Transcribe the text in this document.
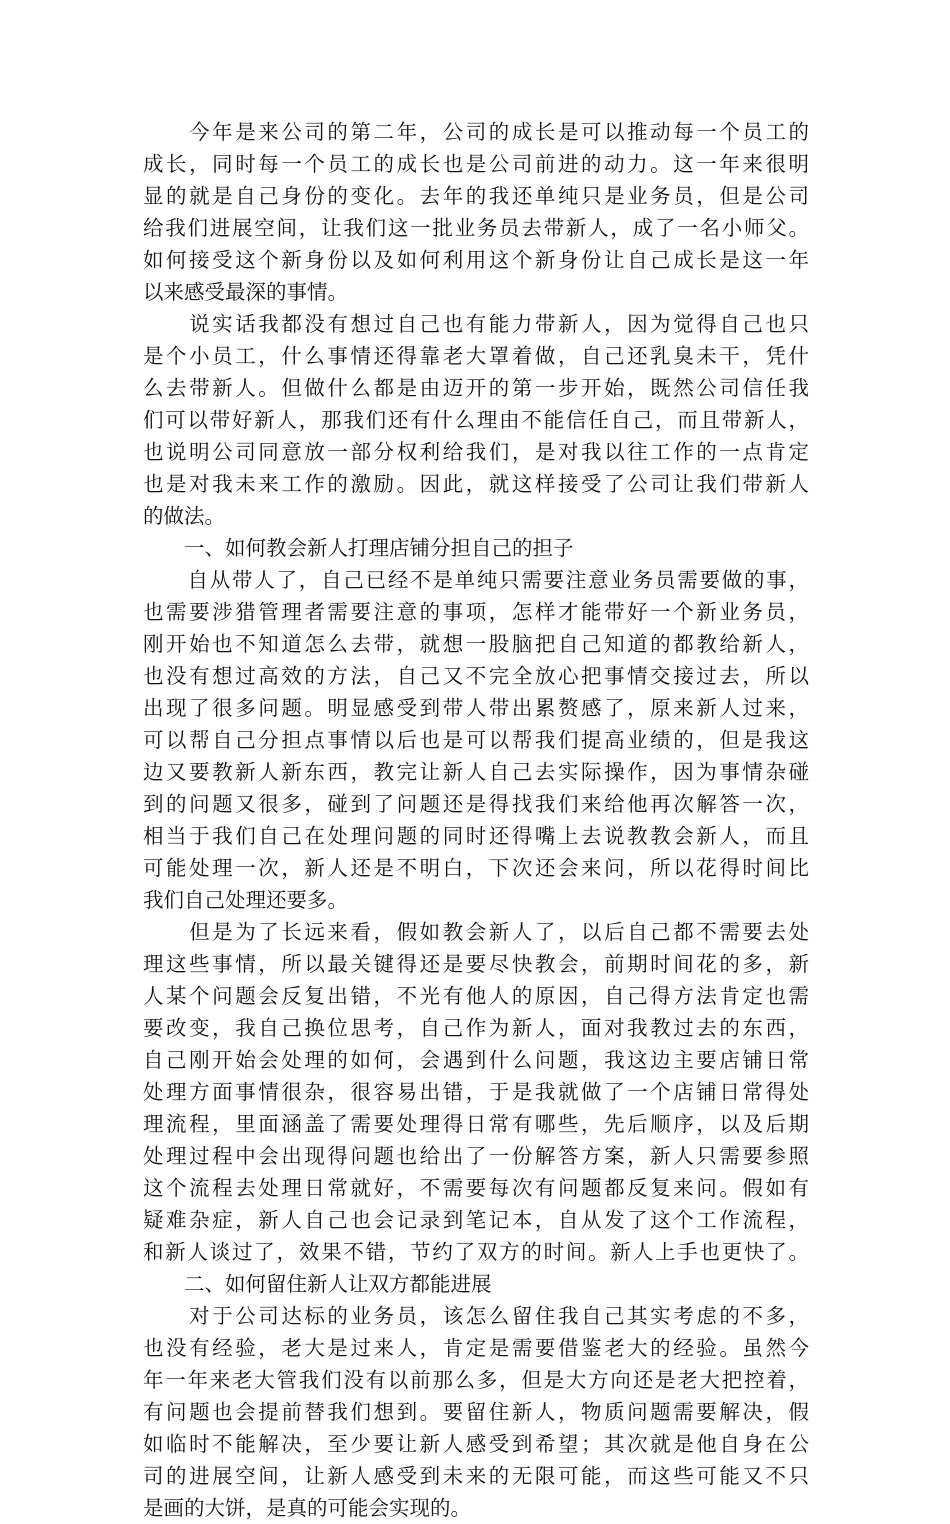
　　今年是来公司的第二年，公司的成长是可以推动每一个员工的
成长，同时每一个员工的成长也是公司前进的动力。这一年来很明
显的就是自己身份的变化。去年的我还单纯只是业务员，但是公司
给我们进展空间，让我们这一批业务员去带新人，成了一名小师父。
如何接受这个新身份以及如何利用这个新身份让自己成长是这一年
以来感受最深的事情。
　　说实话我都没有想过自己也有能力带新人，因为觉得自己也只
是个小员工，什么事情还得靠老大罩着做，自己还乳臭未干，凭什
么去带新人。但做什么都是由迈开的第一步开始，既然公司信任我
们可以带好新人，那我们还有什么理由不能信任自己，而且带新人，
也说明公司同意放一部分权利给我们，是对我以往工作的一点肯定
也是对我未来工作的激励。因此，就这样接受了公司让我们带新人
的做法。
　　一、如何教会新人打理店铺分担自己的担子
　　自从带人了，自己已经不是单纯只需要注意业务员需要做的事，
也需要涉猎管理者需要注意的事项，怎样才能带好一个新业务员，
刚开始也不知道怎么去带，就想一股脑把自己知道的都教给新人，
也没有想过高效的方法，自己又不完全放心把事情交接过去，所以
出现了很多问题。明显感受到带人带出累赘感了，原来新人过来，
可以帮自己分担点事情以后也是可以帮我们提高业绩的，但是我这
边又要教新人新东西，教完让新人自己去实际操作，因为事情杂碰
到的问题又很多，碰到了问题还是得找我们来给他再次解答一次，
相当于我们自己在处理问题的同时还得嘴上去说教教会新人，而且
可能处理一次，新人还是不明白，下次还会来问，所以花得时间比
我们自己处理还要多。
　　但是为了长远来看，假如教会新人了，以后自己都不需要去处
理这些事情，所以最关键得还是要尽快教会，前期时间花的多，新
人某个问题会反复出错，不光有他人的原因，自己得方法肯定也需
要改变，我自己换位思考，自己作为新人，面对我教过去的东西，
自己刚开始会处理的如何，会遇到什么问题，我这边主要店铺日常
处理方面事情很杂，很容易出错，于是我就做了一个店铺日常得处
理流程，里面涵盖了需要处理得日常有哪些，先后顺序，以及后期
处理过程中会出现得问题也给出了一份解答方案，新人只需要参照
这个流程去处理日常就好，不需要每次有问题都反复来问。假如有
疑难杂症，新人自己也会记录到笔记本，自从发了这个工作流程，
和新人谈过了，效果不错，节约了双方的时间。新人上手也更快了。
　　二、如何留住新人让双方都能进展
　　对于公司达标的业务员，该怎么留住我自己其实考虑的不多，
也没有经验，老大是过来人，肯定是需要借鉴老大的经验。虽然今
年一年来老大管我们没有以前那么多，但是大方向还是老大把控着，
有问题也会提前替我们想到。要留住新人，物质问题需要解决，假
如临时不能解决，至少要让新人感受到希望；其次就是他自身在公
司的进展空间，让新人感受到未来的无限可能，而这些可能又不只
是画的大饼，是真的可能会实现的。
